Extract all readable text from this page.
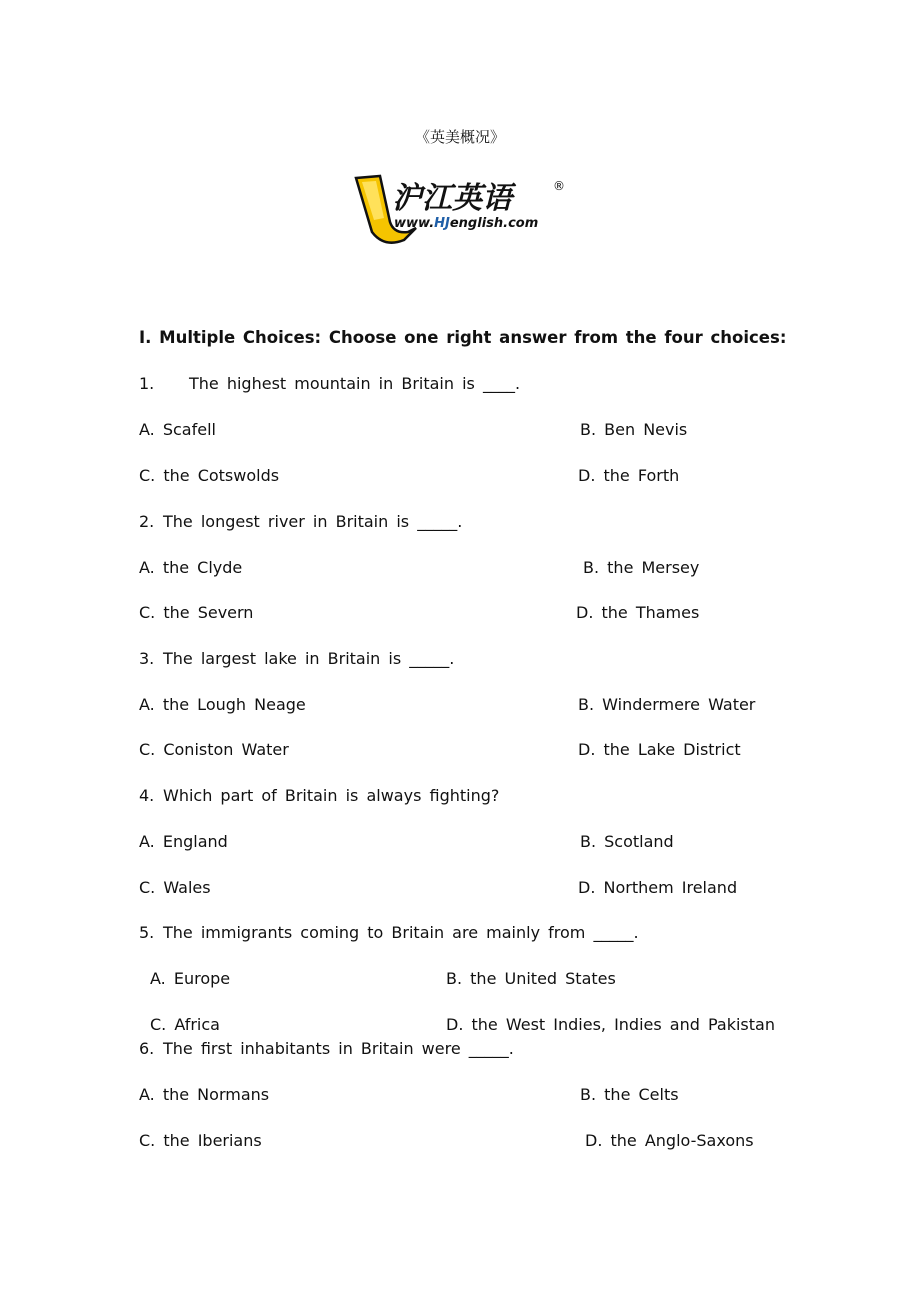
《英美概况》
沪江英语
www.HJenglish.com
®
I. Multiple Choices: Choose one right answer from the four choices:
1. The highest mountain in Britain is ____.
A. Scafell	B. Ben Nevis
C. the Cotswolds	D. the Forth
2. The longest river in Britain is _____.
A. the Clyde	B. the Mersey
C. the Severn	D. the Thames
3. The largest lake in Britain is _____.
A. the Lough Neage	B. Windermere Water
C. Coniston Water	D. the Lake District
4. Which part of Britain is always fighting?
A. England	B. Scotland
C. Wales	D. Northem Ireland
5. The immigrants coming to Britain are mainly from _____.
A. Europe	B. the United States
C. Africa	D. the West Indies, Indies and Pakistan
6. The first inhabitants in Britain were _____.
A. the Normans	B. the Celts
C. the Iberians	D. the Anglo-Saxons
